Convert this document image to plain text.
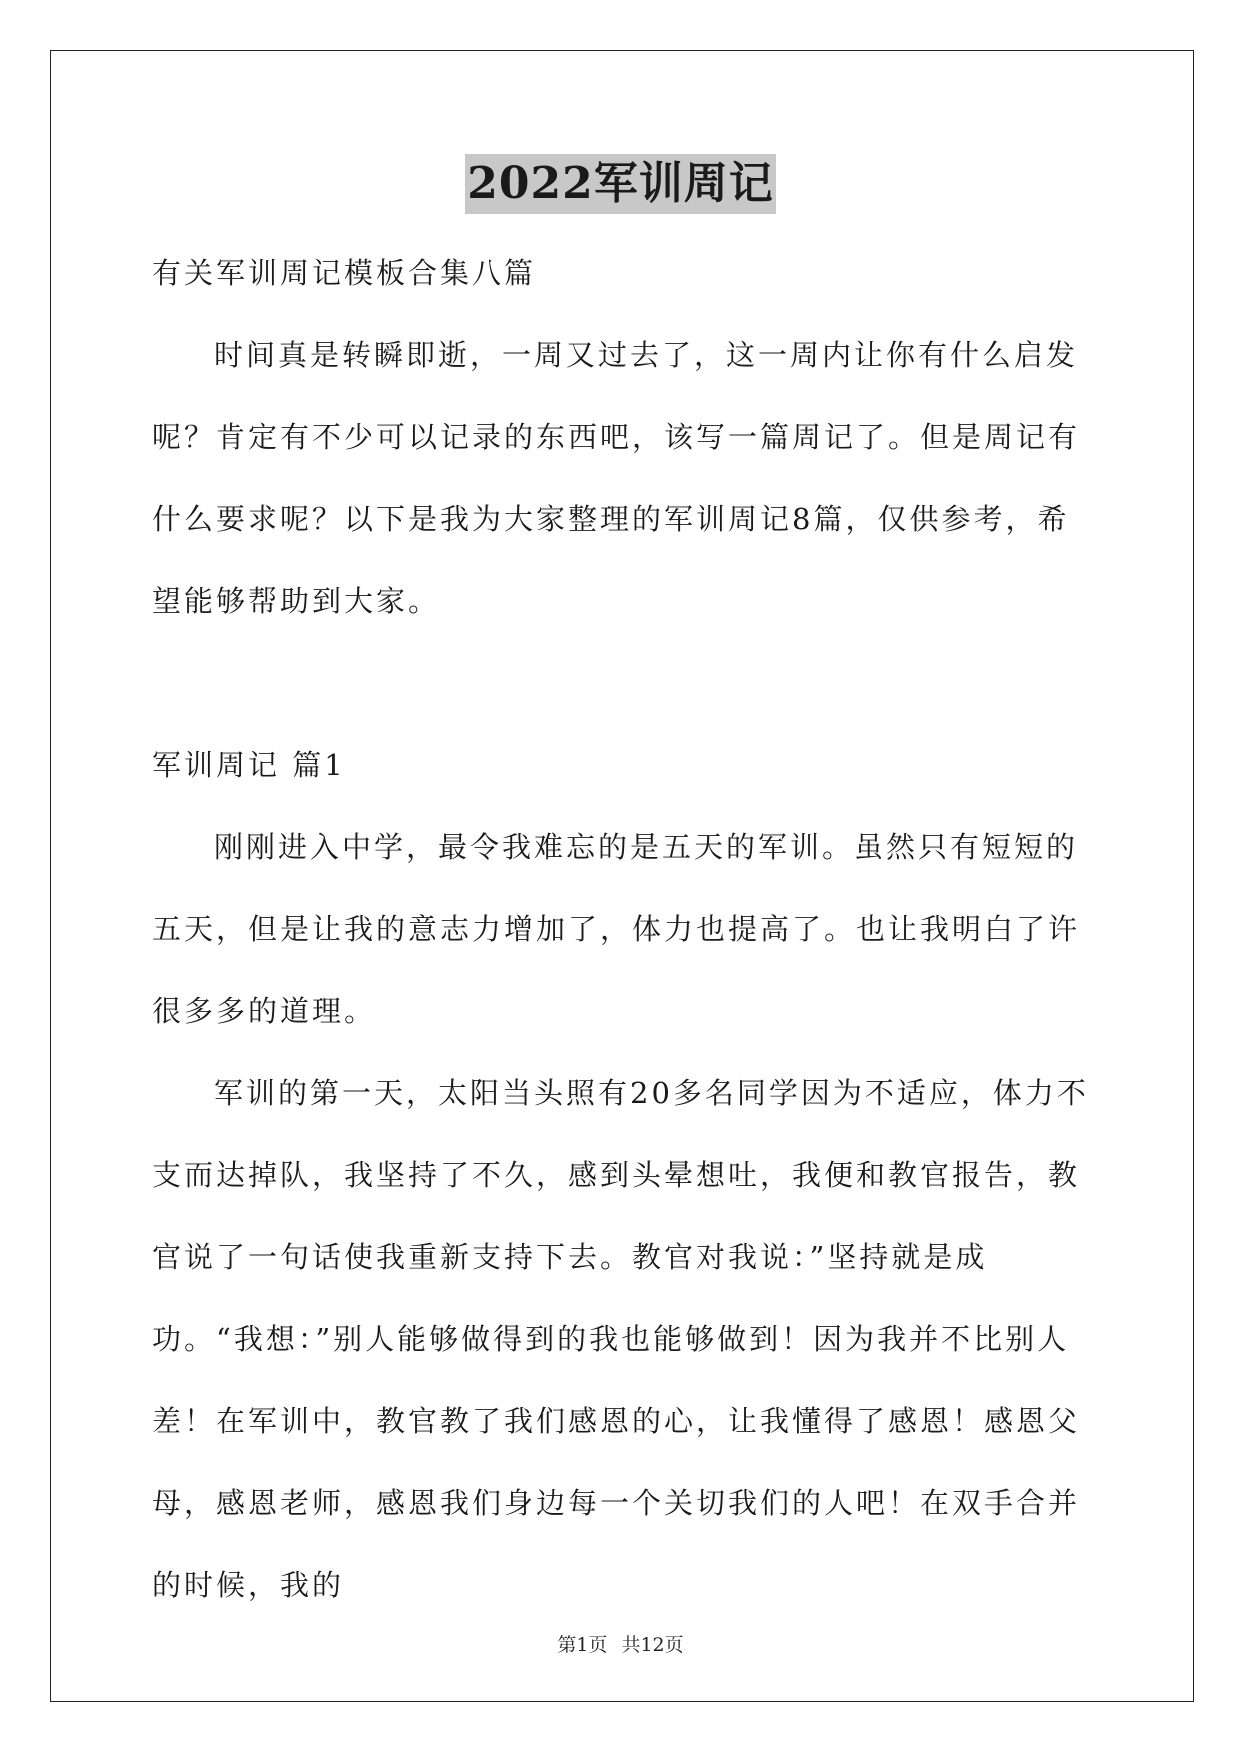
2022军训周记

有关军训周记模板合集八篇

时间真是转瞬即逝，一周又过去了，这一周内让你有什么启发呢？肯定有不少可以记录的东西吧，该写一篇周记了。但是周记有什么要求呢？以下是我为大家整理的军训周记8篇，仅供参考，希望能够帮助到大家。

军训周记 篇1

刚刚进入中学，最令我难忘的是五天的军训。虽然只有短短的五天，但是让我的意志力增加了，体力也提高了。也让我明白了许很多多的道理。

军训的第一天，太阳当头照有20多名同学因为不适应，体力不支而达掉队，我坚持了不久，感到头晕想吐，我便和教官报告，教官说了一句话使我重新支持下去。教官对我说：”坚持就是成功。“我想：”别人能够做得到的我也能够做到！因为我并不比别人差！在军训中，教官教了我们感恩的心，让我懂得了感恩！感恩父母，感恩老师，感恩我们身边每一个关切我们的人吧！在双手合并的时候，我的

第1页 共12页
